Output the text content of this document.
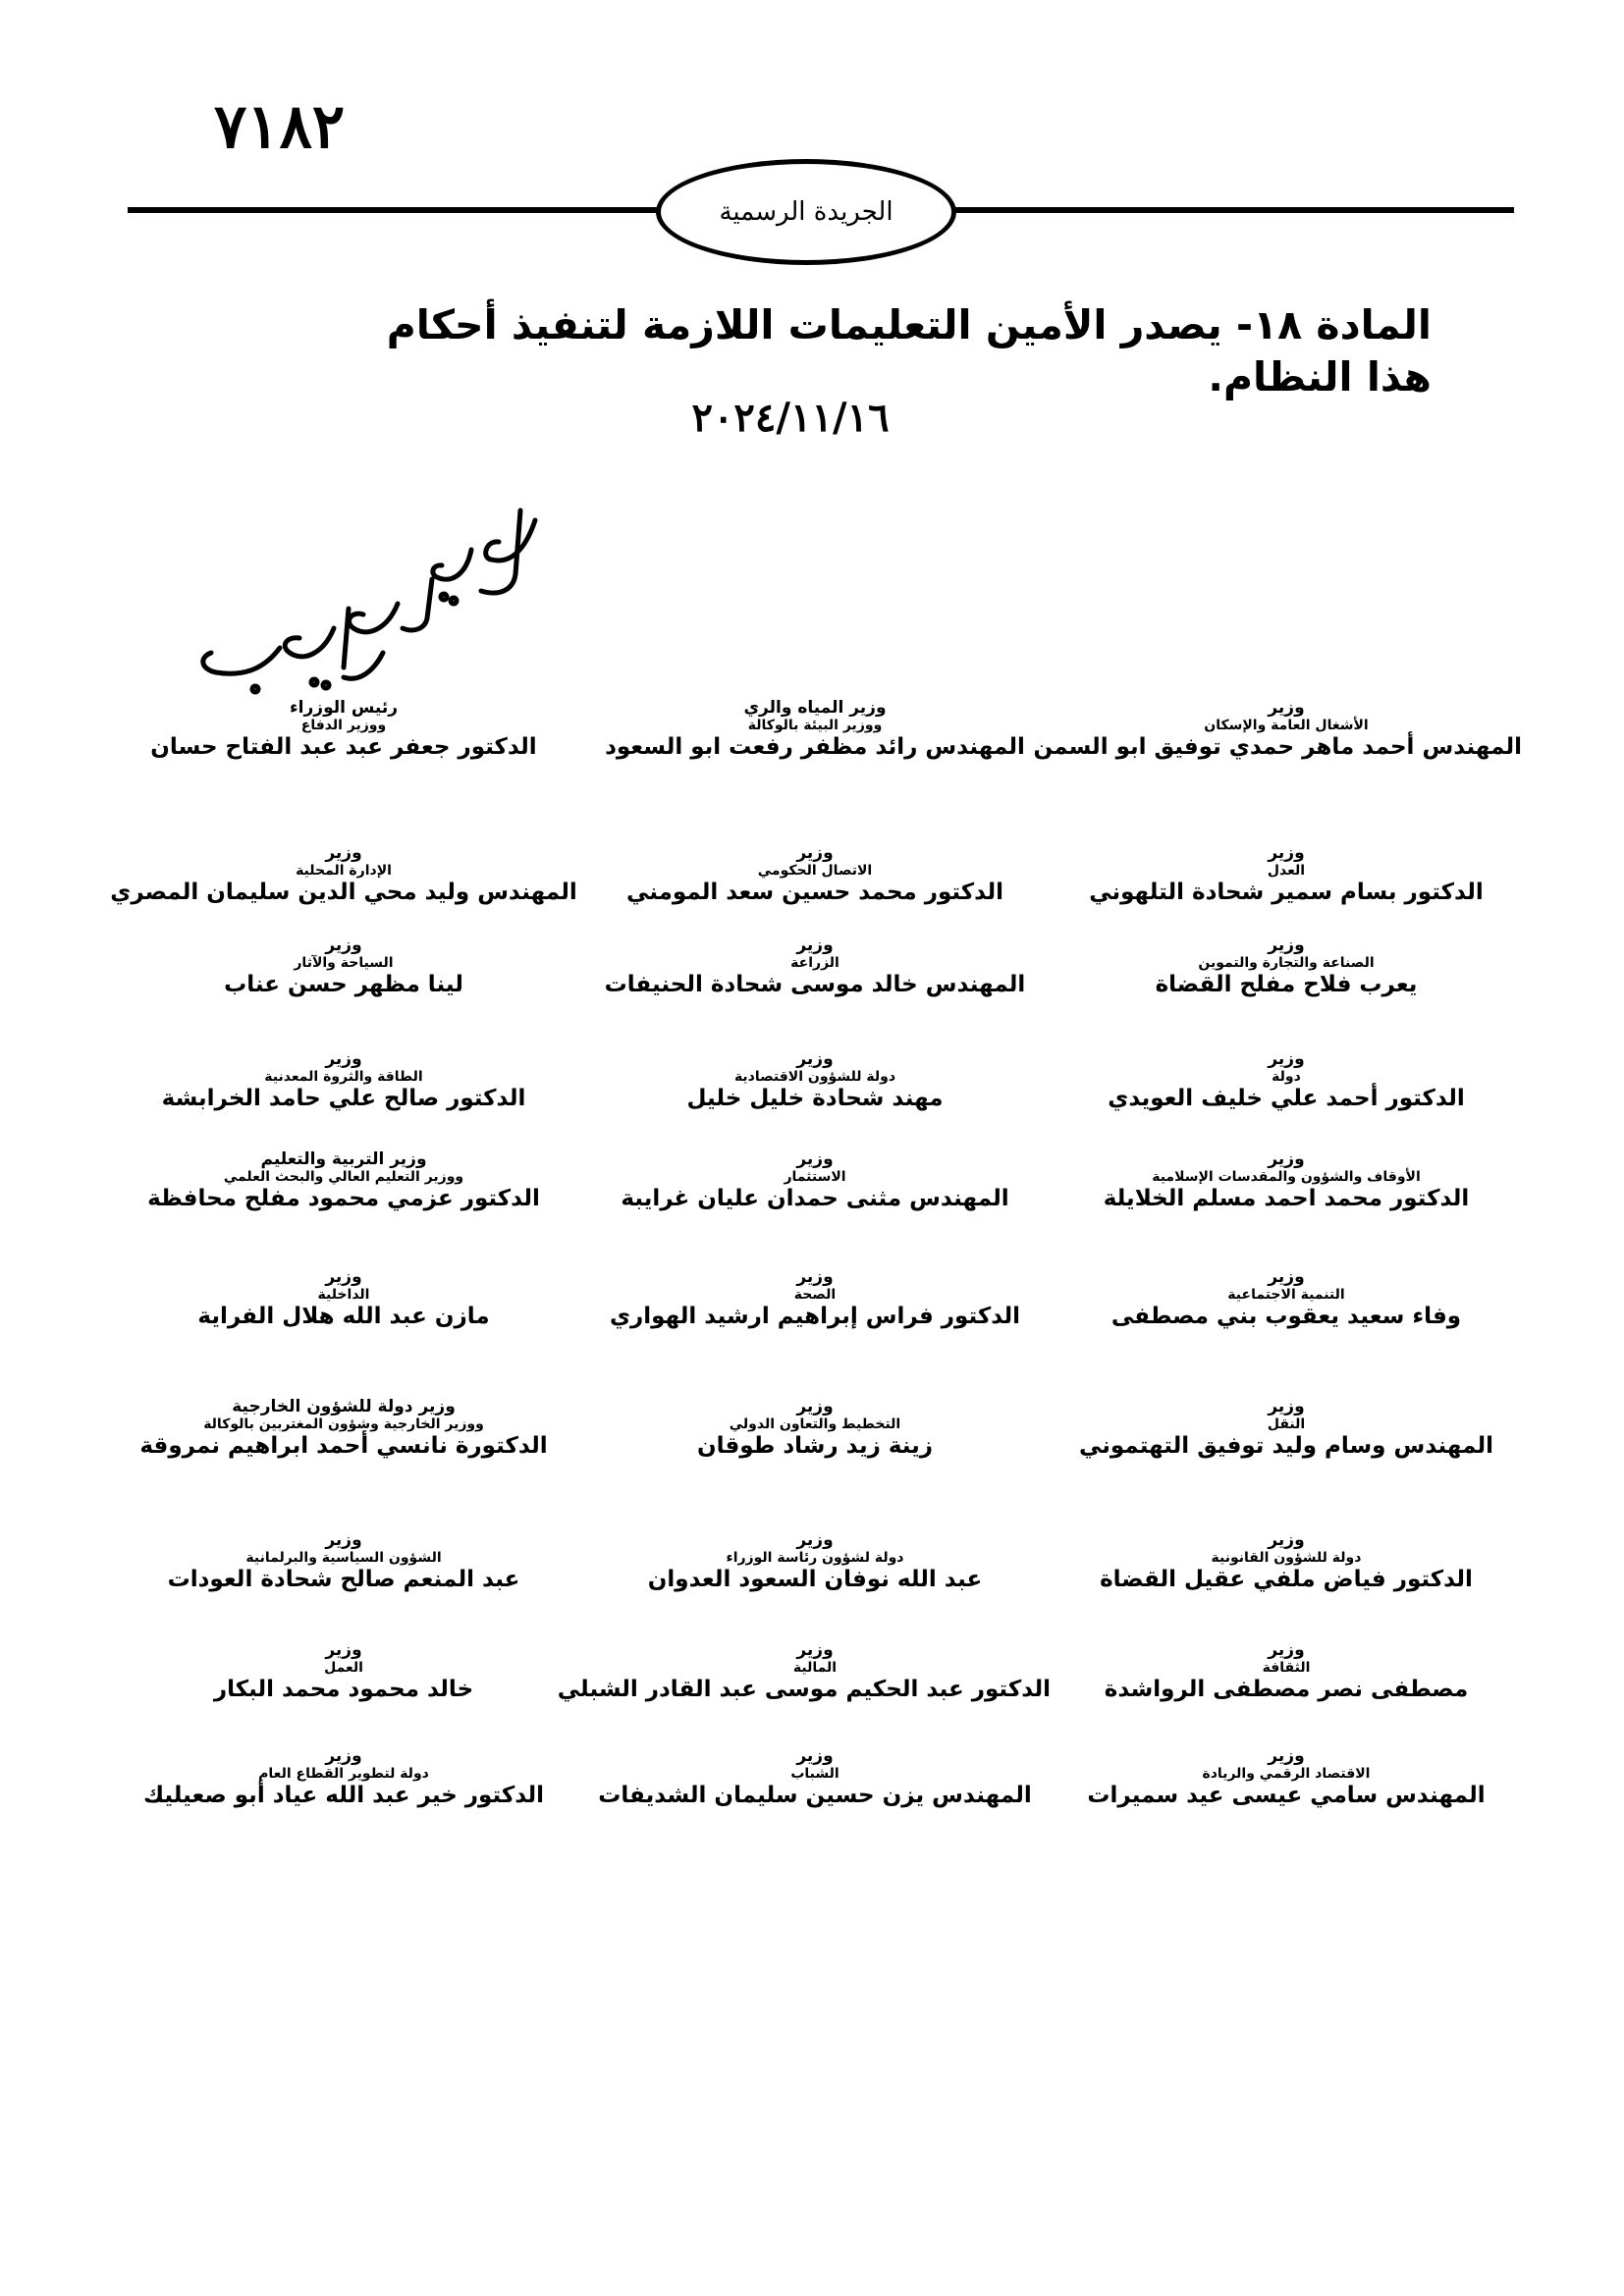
٧١٨٢
الجريدة الرسمية
المادة ١٨- يصدر الأمين التعليمات اللازمة لتنفيذ أحكام هذا النظام.
٢٠٢٤/١١/١٦
وزير
الأشغال العامة والإسكان
المهندس أحمد ماهر حمدي توفيق ابو السمن
وزير المياه والري
ووزير البيئة بالوكالة
المهندس رائد مظفر رفعت ابو السعود
رئيس الوزراء
ووزير الدفاع
الدكتور جعفر عبد عبد الفتاح حسان
وزير
العدل
الدكتور بسام سمير شحادة التلهوني
وزير
الاتصال الحكومي
الدكتور محمد حسين سعد المومني
وزير
الإدارة المحلية
المهندس وليد محي الدين سليمان المصري
وزير
الصناعة والتجارة والتموين
يعرب فلاح مفلح القضاة
وزير
الزراعة
المهندس خالد موسى شحادة الحنيفات
وزير
السياحة والآثار
لينا مظهر حسن عناب
وزير
دولة
الدكتور أحمد علي خليف العويدي
وزير
دولة للشؤون الاقتصادية
مهند شحادة خليل خليل
وزير
الطاقة والثروة المعدنية
الدكتور صالح علي حامد الخرابشة
وزير
الأوقاف والشؤون والمقدسات الإسلامية
الدكتور محمد احمد مسلم الخلايلة
وزير
الاستثمار
المهندس مثنى حمدان عليان غرايبة
وزير التربية والتعليم
ووزير التعليم العالي والبحث العلمي
الدكتور عزمي محمود مفلح محافظة
وزير
التنمية الاجتماعية
وفاء سعيد يعقوب بني مصطفى
وزير
الصحة
الدكتور فراس إبراهيم ارشيد الهواري
وزير
الداخلية
مازن عبد الله هلال الفراية
وزير
النقل
المهندس وسام وليد توفيق التهتموني
وزير
التخطيط والتعاون الدولي
زينة زيد رشاد طوقان
وزير دولة للشؤون الخارجية
ووزير الخارجية وشؤون المغتربين بالوكالة
الدكتورة نانسي أحمد ابراهيم نمروقة
وزير
دولة للشؤون القانونية
الدكتور فياض ملفي عقيل القضاة
وزير
دولة لشؤون رئاسة الوزراء
عبد الله نوفان السعود العدوان
وزير
الشؤون السياسية والبرلمانية
عبد المنعم صالح شحادة العودات
وزير
الثقافة
مصطفى نصر مصطفى الرواشدة
وزير
المالية
الدكتور عبد الحكيم موسى عبد القادر الشبلي
وزير
العمل
خالد محمود محمد البكار
وزير
الاقتصاد الرقمي والريادة
المهندس سامي عيسى عيد سميرات
وزير
الشباب
المهندس يزن حسين سليمان الشديفات
وزير
دولة لتطوير القطاع العام
الدكتور خير عبد الله عياد أبو صعيليك
